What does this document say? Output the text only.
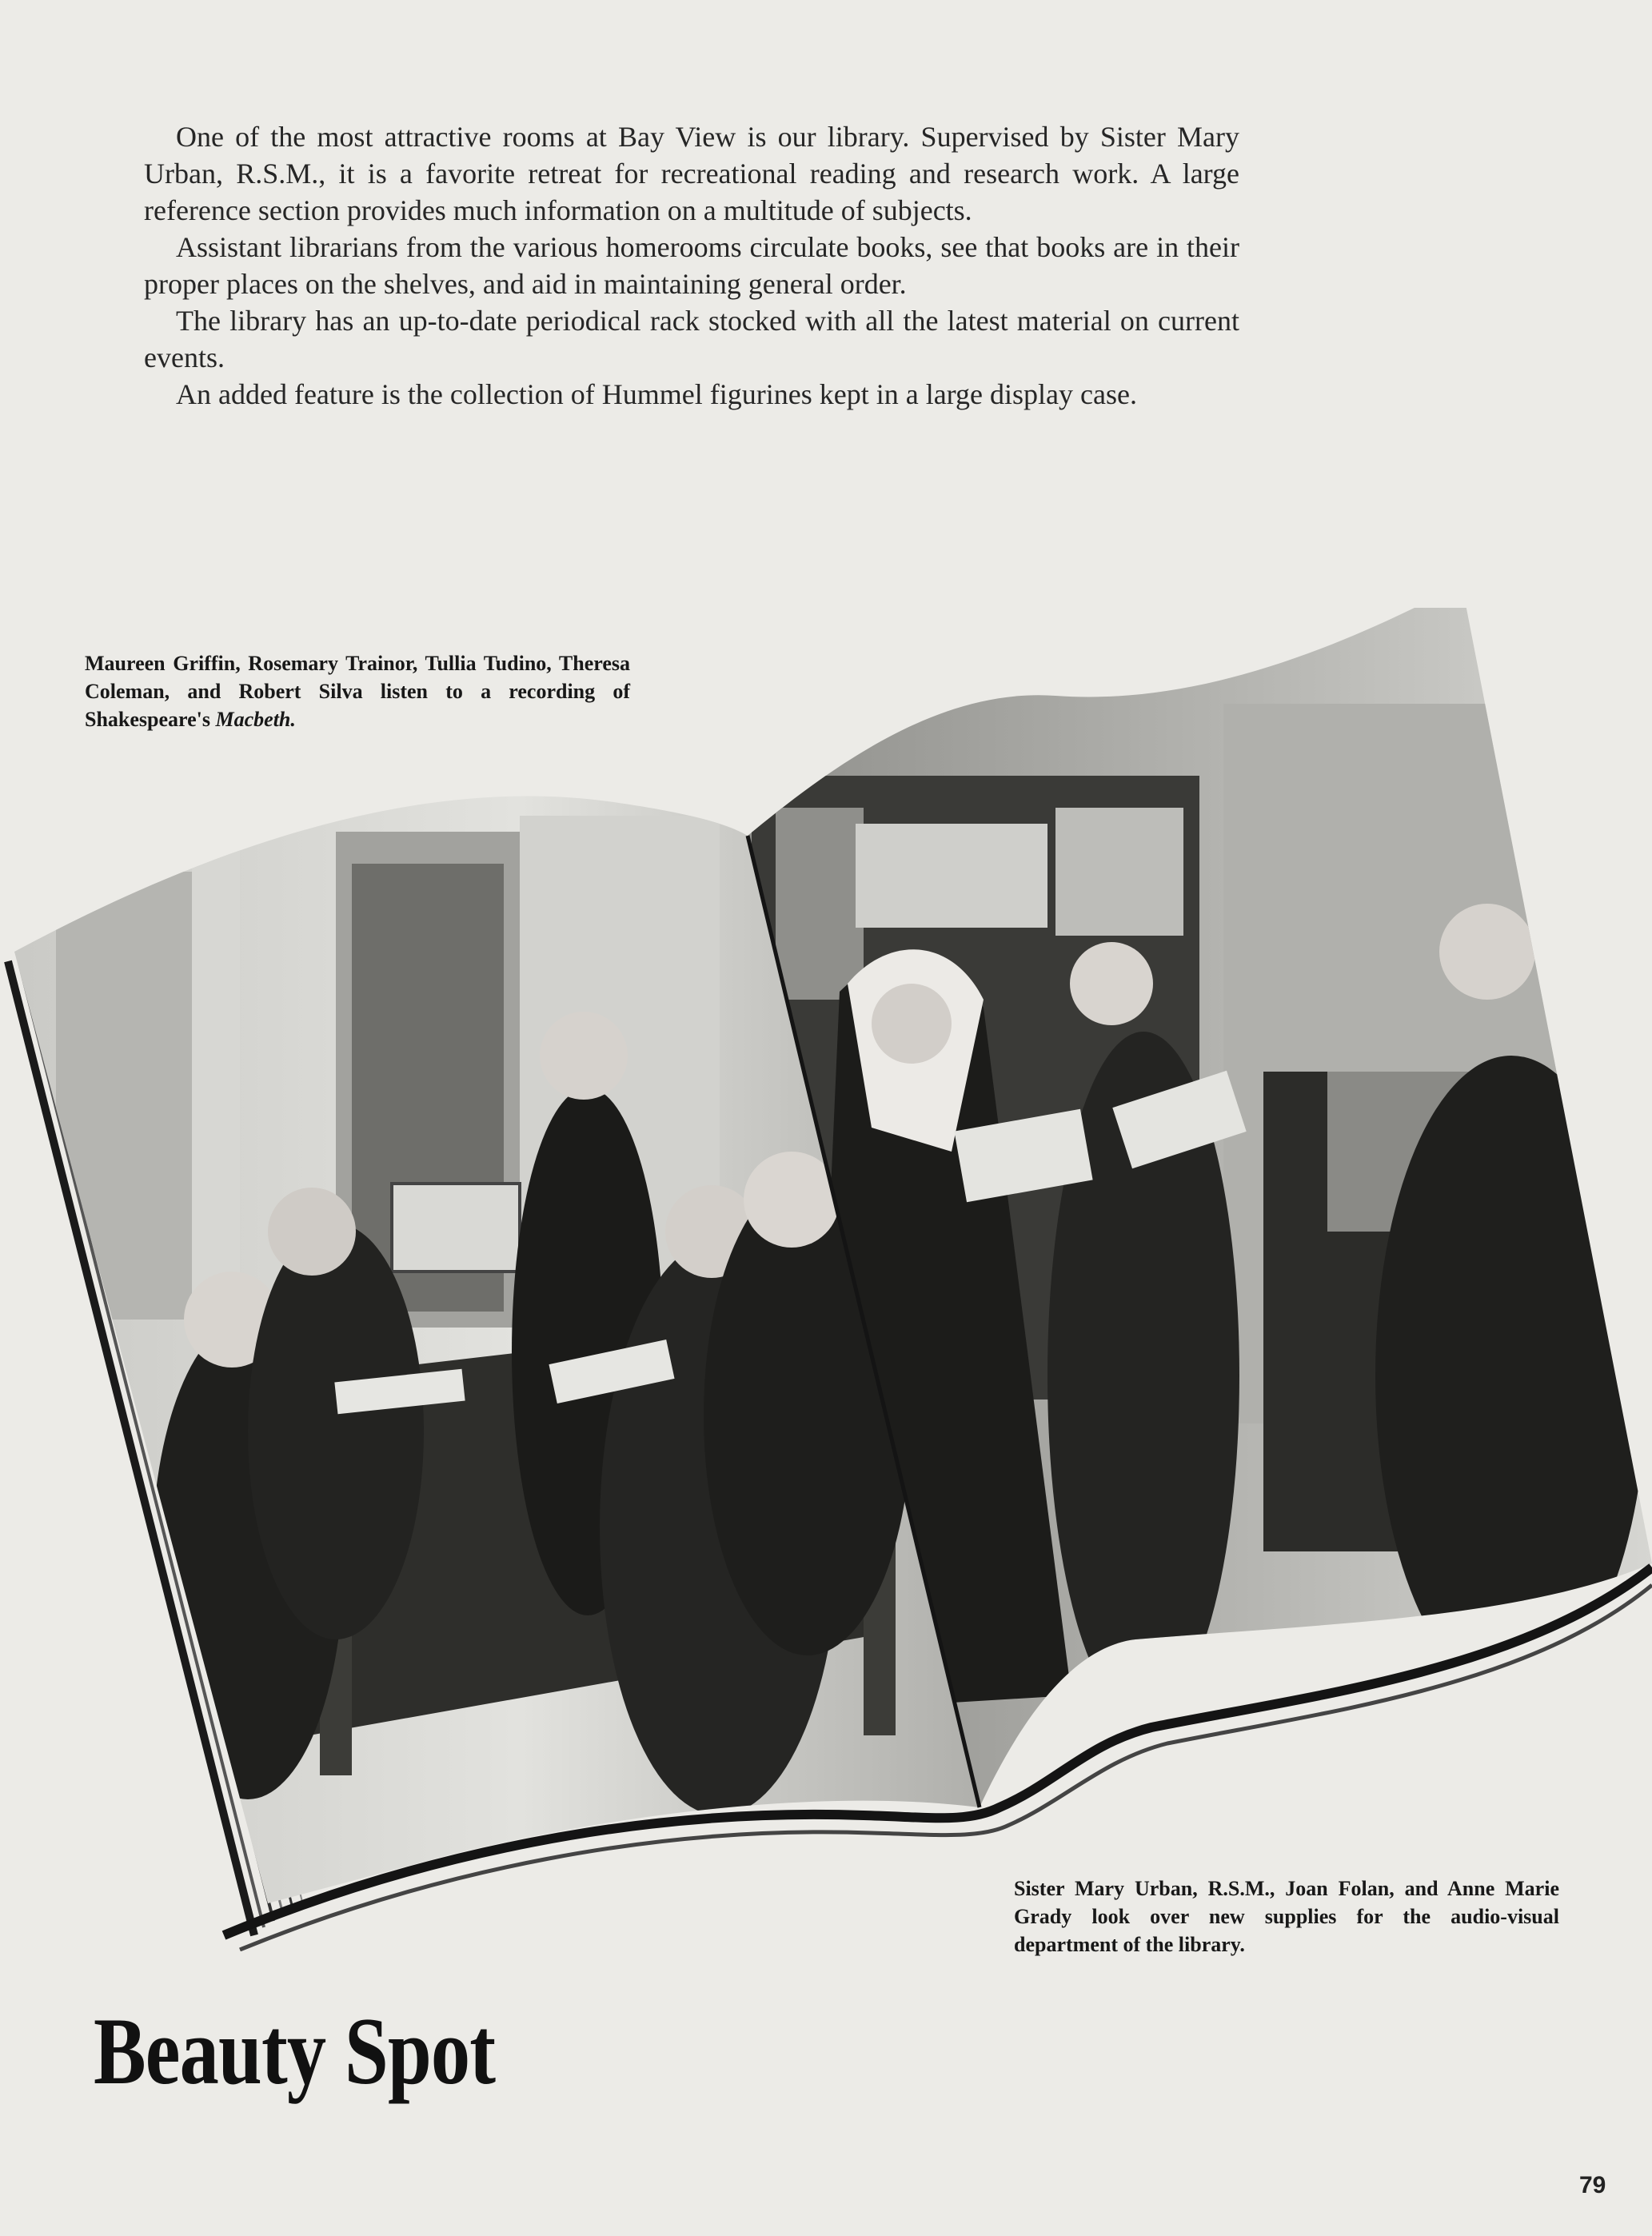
One of the most attractive rooms at Bay View is our library. Supervised by Sister Mary Urban, R.S.M., it is a favorite retreat for recreational reading and research work. A large reference section provides much information on a multitude of subjects.

Assistant librarians from the various homerooms circulate books, see that books are in their proper places on the shelves, and aid in maintaining general order.

The library has an up-to-date periodical rack stocked with all the latest material on current events.

An added feature is the collection of Hummel figurines kept in a large display case.

Maureen Griffin, Rosemary Trainor, Tullia Tudino, Theresa Coleman, and Robert Silva listen to a recording of Shakespeare's Macbeth.
Sister Mary Urban, R.S.M., Joan Folan, and Anne Marie Grady look over new supplies for the audio-visual department of the library.
Beauty Spot
79
